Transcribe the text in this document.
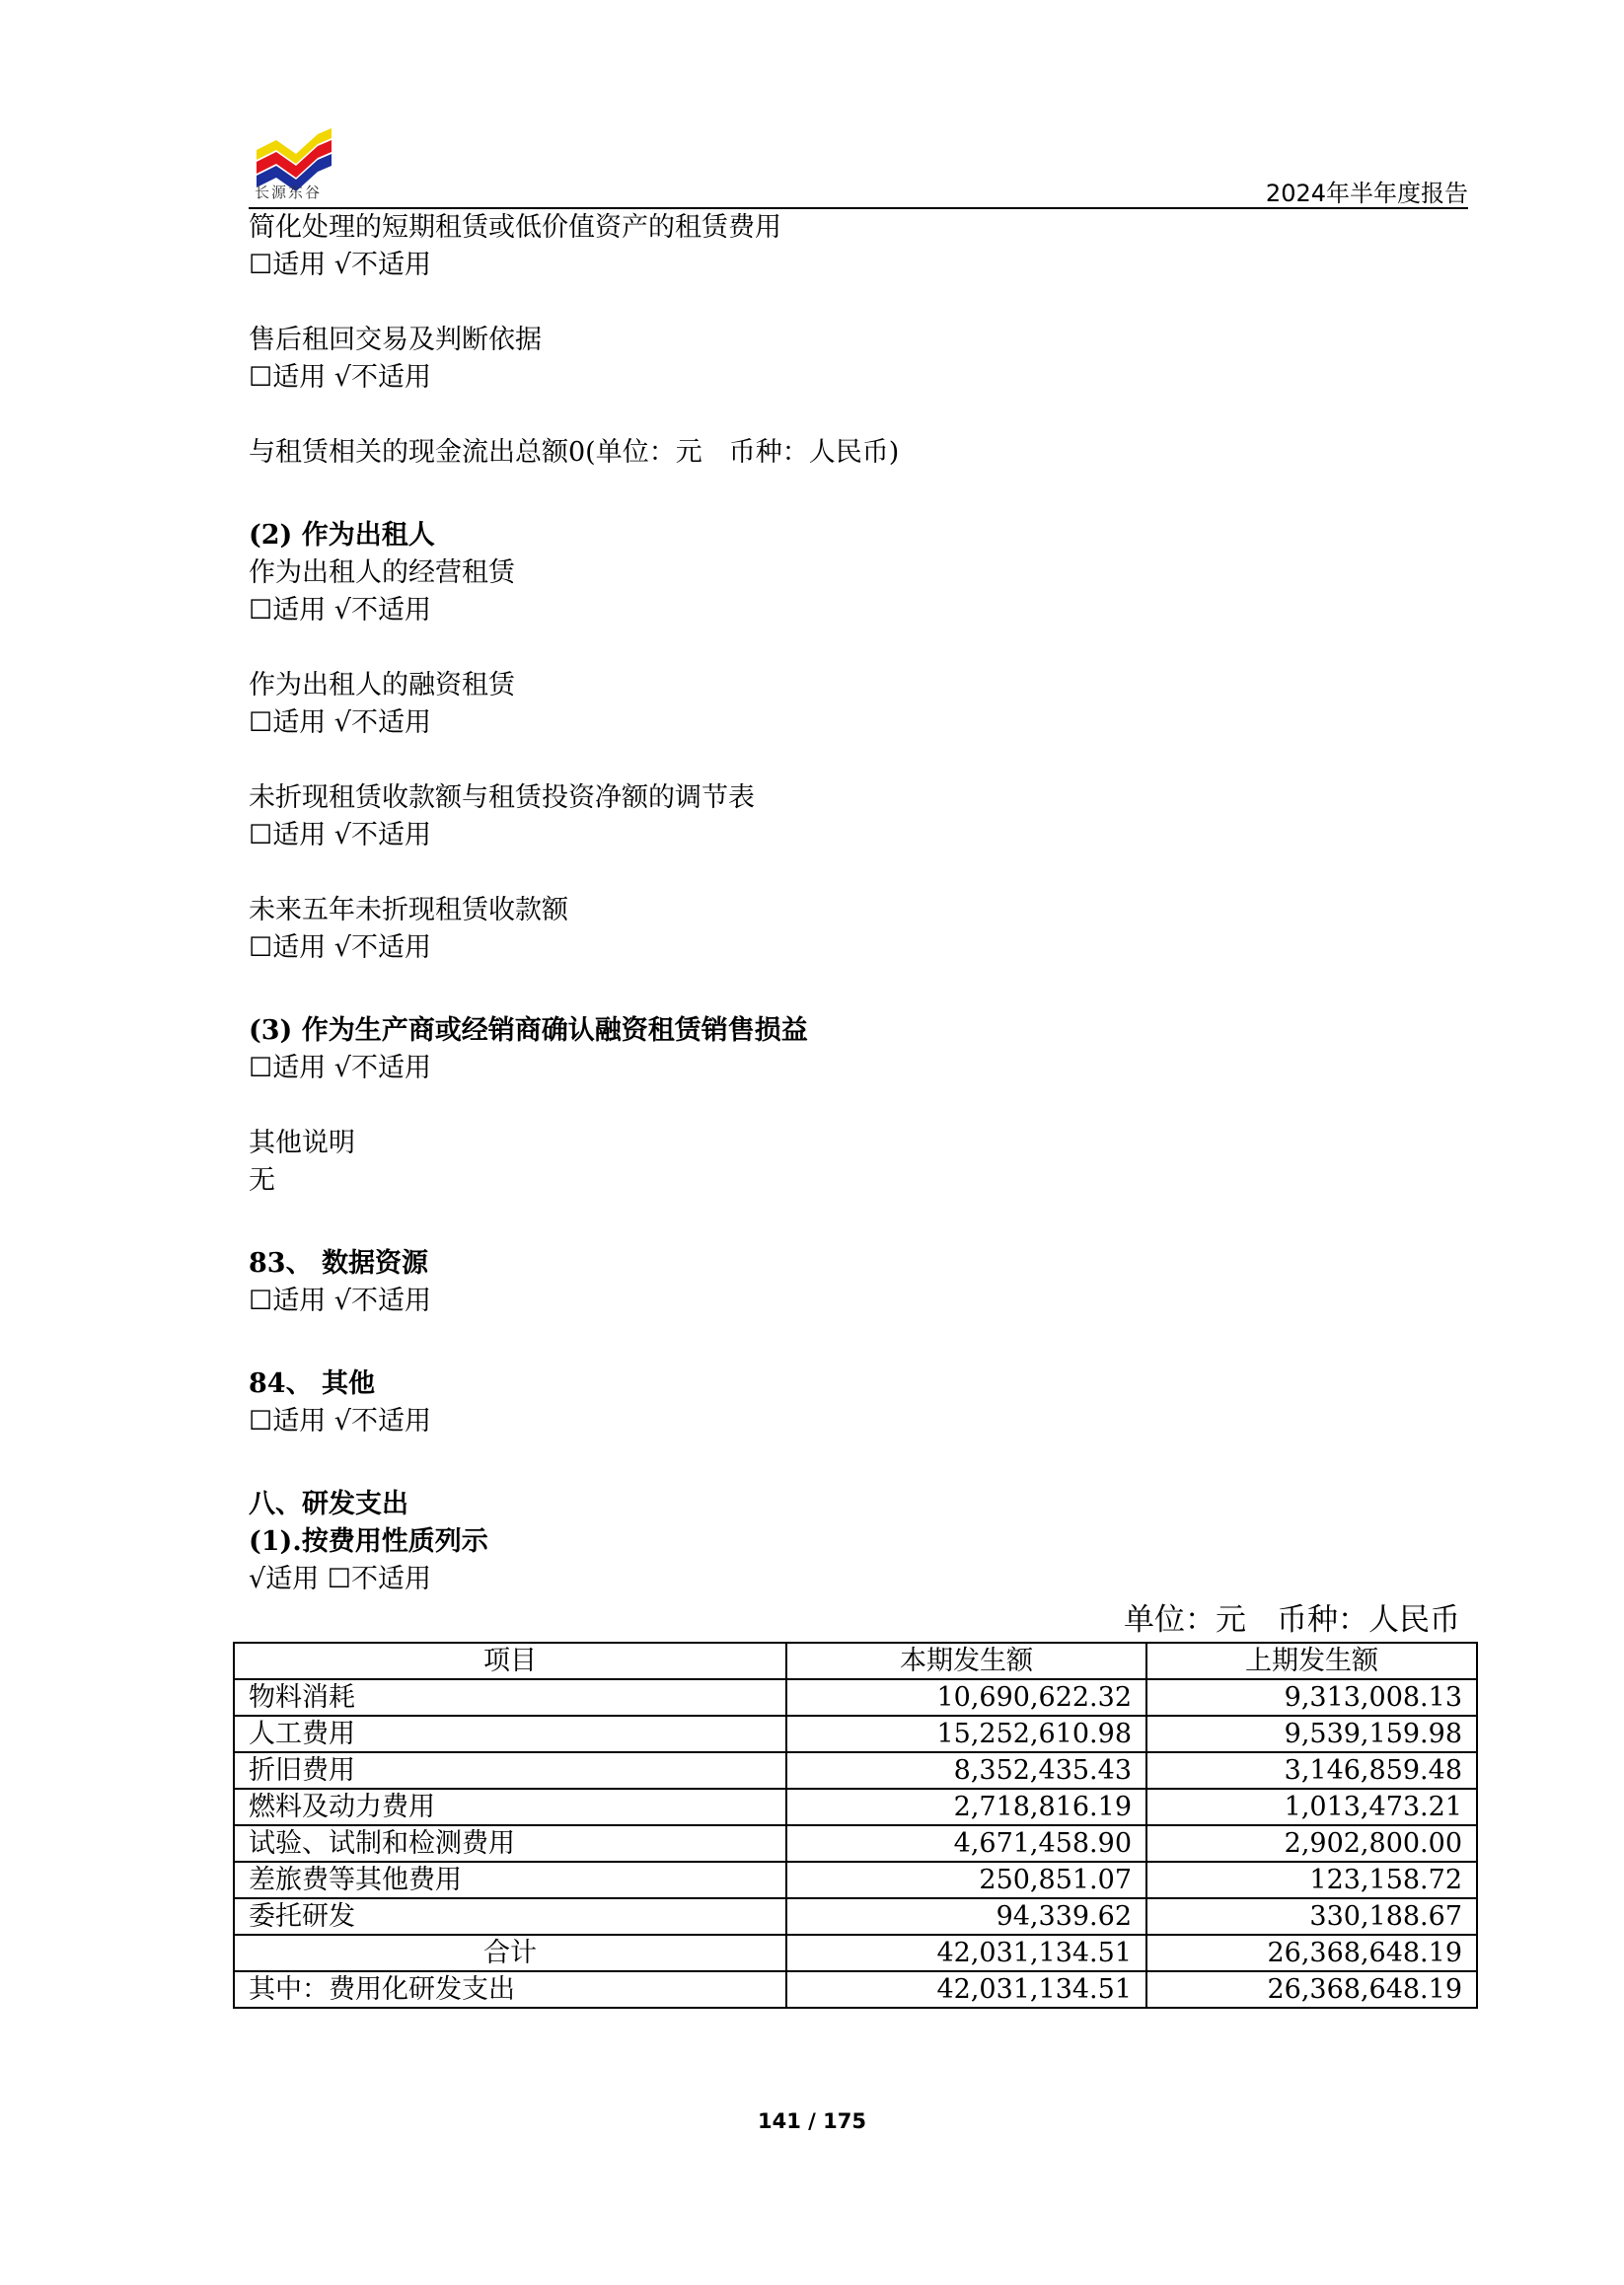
长源东谷	2024年半年度报告
简化处理的短期租赁或低价值资产的租赁费用
☐适用 √不适用
售后租回交易及判断依据
☐适用 √不适用
与租赁相关的现金流出总额0(单位：元　币种：人民币)
(2) 作为出租人
作为出租人的经营租赁
☐适用 √不适用
作为出租人的融资租赁
☐适用 √不适用
未折现租赁收款额与租赁投资净额的调节表
☐适用 √不适用
未来五年未折现租赁收款额
☐适用 √不适用
(3) 作为生产商或经销商确认融资租赁销售损益
☐适用 √不适用
其他说明
无
83、 数据资源
☐适用 √不适用
84、 其他
☐适用 √不适用
八、研发支出
(1).按费用性质列示
√适用 ☐不适用
单位：元　币种：人民币
项目	本期发生额	上期发生额
物料消耗	10,690,622.32	9,313,008.13
人工费用	15,252,610.98	9,539,159.98
折旧费用	8,352,435.43	3,146,859.48
燃料及动力费用	2,718,816.19	1,013,473.21
试验、试制和检测费用	4,671,458.90	2,902,800.00
差旅费等其他费用	250,851.07	123,158.72
委托研发	94,339.62	330,188.67
合计	42,031,134.51	26,368,648.19
其中：费用化研发支出	42,031,134.51	26,368,648.19
141 / 175
